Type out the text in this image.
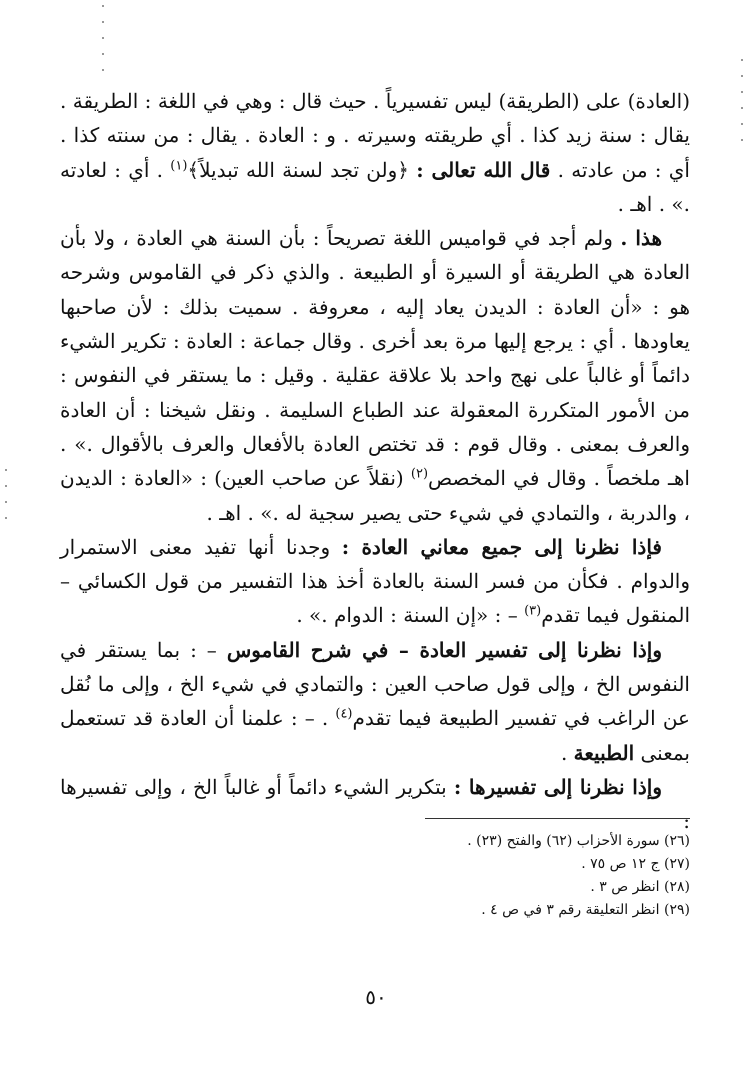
(العادة) على (الطريقة) ليس تفسيرياً . حيث قال : وهي في اللغة : الطريقة . يقال : سنة زيد كذا . أي طريقته وسيرته . و : العادة . يقال : من سنته كذا . أي : من عادته . قال الله تعالى : ﴿ولن تجد لسنة الله تبديلاً﴾$^{(١)}$ . أي : لعادته .» . اهـ .

هذا . ولم أجد في قواميس اللغة تصريحاً : بأن السنة هي العادة ، ولا بأن العادة هي الطريقة أو السيرة أو الطبيعة . والذي ذكر في القاموس وشرحه هو : «أن العادة : الديدن يعاد إليه ، معروفة . سميت بذلك : لأن صاحبها يعاودها . أي : يرجع إليها مرة بعد أخرى . وقال جماعة : العادة : تكرير الشيء دائماً أو غالباً على نهج واحد بلا علاقة عقلية . وقيل : ما يستقر في النفوس : من الأمور المتكررة المعقولة عند الطباع السليمة . ونقل شيخنا : أن العادة والعرف بمعنى . وقال قوم : قد تختص العادة بالأفعال والعرف بالأقوال .» . اهـ ملخصاً . وقال في المخصص$^{(٢)}$ (نقلاً عن صاحب العين) : «العادة : الديدن ، والدربة ، والتمادي في شيء حتى يصير سجية له .» . اهـ .

فإذا نظرنا إلى جميع معاني العادة : وجدنا أنها تفيد معنى الاستمرار والدوام . فكأن من فسر السنة بالعادة أخذ هذا التفسير من قول الكسائي – المنقول فيما تقدم$^{(٣)}$ – : «إن السنة : الدوام .» .

وإذا نظرنا إلى تفسير العادة – في شرح القاموس – : بما يستقر في النفوس الخ ، وإلى قول صاحب العين : والتمادي في شيء الخ ، وإلى ما نُقل عن الراغب في تفسير الطبيعة فيما تقدم$^{(٤)}$ . – : علمنا أن العادة قد تستعمل بمعنى الطبيعة .

وإذا نظرنا إلى تفسيرها : بتكرير الشيء دائماً أو غالباً الخ ، وإلى تفسيرها :

(٢٦) سورة الأحزاب (٦٢) والفتح (٢٣) .
(٢٧) ج ١٢ ص ٧٥ .
(٢٨) انظر ص ٣ .
(٢٩) انظر التعليقة رقم ٣ في ص ٤ .
٥٠
